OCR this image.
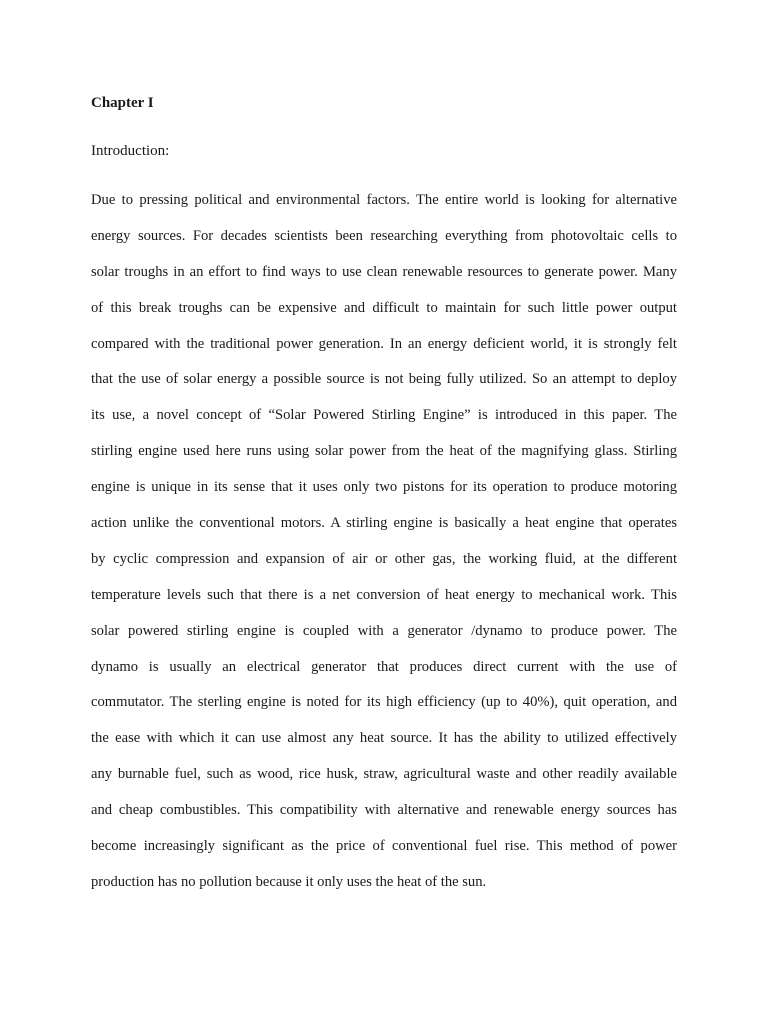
Chapter I
Introduction:
Due to pressing political and environmental factors. The entire world is looking for alternative
energy sources. For decades scientists been researching everything from photovoltaic cells to
solar troughs in an effort to find ways to use clean renewable resources to generate power. Many
of this break troughs can be expensive and difficult to maintain for such little power output
compared with the traditional power generation. In an energy deficient world, it is strongly felt
that the use of solar energy a possible source is not being fully utilized. So an attempt to deploy
its use, a novel concept of “Solar Powered Stirling Engine” is introduced in this paper. The
stirling engine used here runs using solar power from the heat of the magnifying glass. Stirling
engine is unique in its sense that it uses only two pistons for its operation to produce motoring
action unlike the conventional motors. A stirling engine is basically a heat engine that operates
by cyclic compression and expansion of air or other gas, the working fluid, at the different
temperature levels such that there is a net conversion of heat energy to mechanical work. This
solar powered stirling engine is coupled with a generator /dynamo to produce power. The
dynamo is usually an electrical generator that produces direct current with the use of
commutator. The sterling engine is noted for its high efficiency (up to 40%), quit operation, and
the ease with which it can use almost any heat source. It has the ability to utilized effectively
any burnable fuel, such as wood, rice husk, straw, agricultural waste and other readily available
and cheap combustibles. This compatibility with alternative and renewable energy sources has
become increasingly significant as the price of conventional fuel rise. This method of power
production has no pollution because it only uses the heat of the sun.
